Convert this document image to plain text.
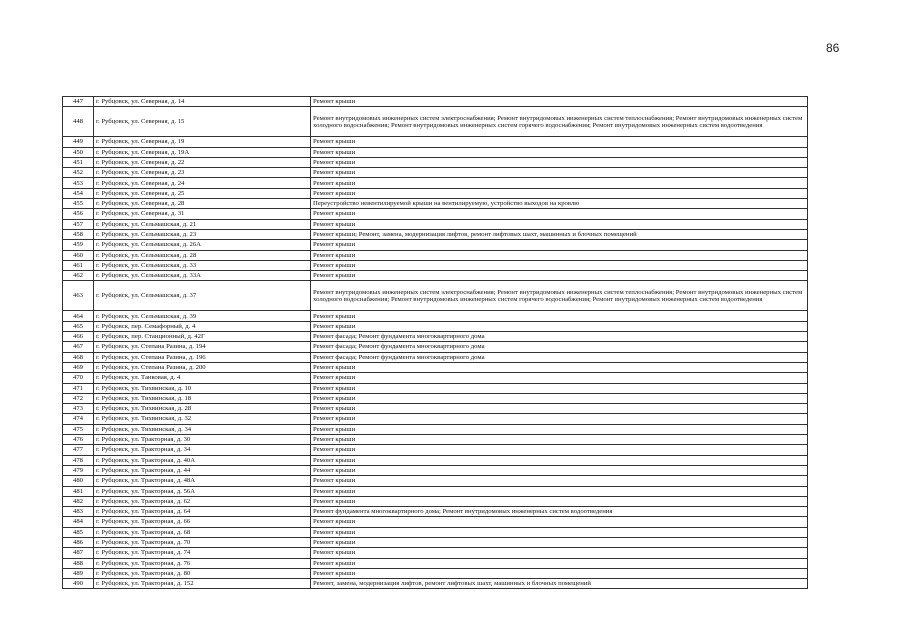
86
447	г. Рубцовск, ул. Северная, д. 14	Ремонт крыши
448	г. Рубцовск, ул. Северная, д. 15	Ремонт внутридомовых инженерных систем электроснабжения; Ремонт внутридомовых инженерных систем теплоснабжения; Ремонт внутридомовых инженерных систем холодного водоснабжения; Ремонт внутридомовых инженерных систем горячего водоснабжения; Ремонт внутридомовых инженерных систем водоотведения
449	г. Рубцовск, ул. Северная, д. 19	Ремонт крыши
450	г. Рубцовск, ул. Северная, д. 19А	Ремонт крыши
451	г. Рубцовск, ул. Северная, д. 22	Ремонт крыши
452	г. Рубцовск, ул. Северная, д. 23	Ремонт крыши
453	г. Рубцовск, ул. Северная, д. 24	Ремонт крыши
454	г. Рубцовск, ул. Северная, д. 25	Ремонт крыши
455	г. Рубцовск, ул. Северная, д. 28	Переустройство невентилируемой крыши на вентилируемую, устройство выходов на кровлю
456	г. Рубцовск, ул. Северная, д. 31	Ремонт крыши
457	г. Рубцовск, ул. Сельмашская, д. 21	Ремонт крыши
458	г. Рубцовск, ул. Сельмашская, д. 23	Ремонт крыши; Ремонт, замена, модернизация лифтов, ремонт лифтовых шахт, машинных и блочных помещений
459	г. Рубцовск, ул. Сельмашская, д. 26А	Ремонт крыши
460	г. Рубцовск, ул. Сельмашская, д. 28	Ремонт крыши
461	г. Рубцовск, ул. Сельмашская, д. 33	Ремонт крыши
462	г. Рубцовск, ул. Сельмашская, д. 33А	Ремонт крыши
463	г. Рубцовск, ул. Сельмашская, д. 37	Ремонт внутридомовых инженерных систем электроснабжения; Ремонт внутридомовых инженерных систем теплоснабжения; Ремонт внутридомовых инженерных систем холодного водоснабжения; Ремонт внутридомовых инженерных систем горячего водоснабжения; Ремонт внутридомовых инженерных систем водоотведения
464	г. Рубцовск, ул. Сельмашская, д. 39	Ремонт крыши
465	г. Рубцовск, пер. Семафорный, д. 4	Ремонт крыши
466	г. Рубцовск, пер. Станционный, д. 42Г	Ремонт фасада; Ремонт фундамента многоквартирного дома
467	г. Рубцовск, ул. Степана Разина, д. 194	Ремонт фасада; Ремонт фундамента многоквартирного дома
468	г. Рубцовск, ул. Степана Разина, д. 196	Ремонт фасада; Ремонт фундамента многоквартирного дома
469	г. Рубцовск, ул. Степана Разина, д. 200	Ремонт крыши
470	г. Рубцовск, ул. Танковая, д. 4	Ремонт крыши
471	г. Рубцовск, ул. Тихвинская, д. 10	Ремонт крыши
472	г. Рубцовск, ул. Тихвинская, д. 18	Ремонт крыши
473	г. Рубцовск, ул. Тихвинская, д. 28	Ремонт крыши
474	г. Рубцовск, ул. Тихвинская, д. 32	Ремонт крыши
475	г. Рубцовск, ул. Тихвинская, д. 34	Ремонт крыши
476	г. Рубцовск, ул. Тракторная, д. 30	Ремонт крыши
477	г. Рубцовск, ул. Тракторная, д. 34	Ремонт крыши
478	г. Рубцовск, ул. Тракторная, д. 40А	Ремонт крыши
479	г. Рубцовск, ул. Тракторная, д. 44	Ремонт крыши
480	г. Рубцовск, ул. Тракторная, д. 48А	Ремонт крыши
481	г. Рубцовск, ул. Тракторная, д. 56А	Ремонт крыши
482	г. Рубцовск, ул. Тракторная, д. 62	Ремонт крыши
483	г. Рубцовск, ул. Тракторная, д. 64	Ремонт фундамента многоквартирного дома; Ремонт внутридомовых инженерных систем водоотведения
484	г. Рубцовск, ул. Тракторная, д. 66	Ремонт крыши
485	г. Рубцовск, ул. Тракторная, д. 68	Ремонт крыши
486	г. Рубцовск, ул. Тракторная, д. 70	Ремонт крыши
487	г. Рубцовск, ул. Тракторная, д. 74	Ремонт крыши
488	г. Рубцовск, ул. Тракторная, д. 76	Ремонт крыши
489	г. Рубцовск, ул. Тракторная, д. 80	Ремонт крыши
490	г. Рубцовск, ул. Тракторная, д. 152	Ремонт, замена, модернизация лифтов, ремонт лифтовых шахт, машинных и блочных помещений
